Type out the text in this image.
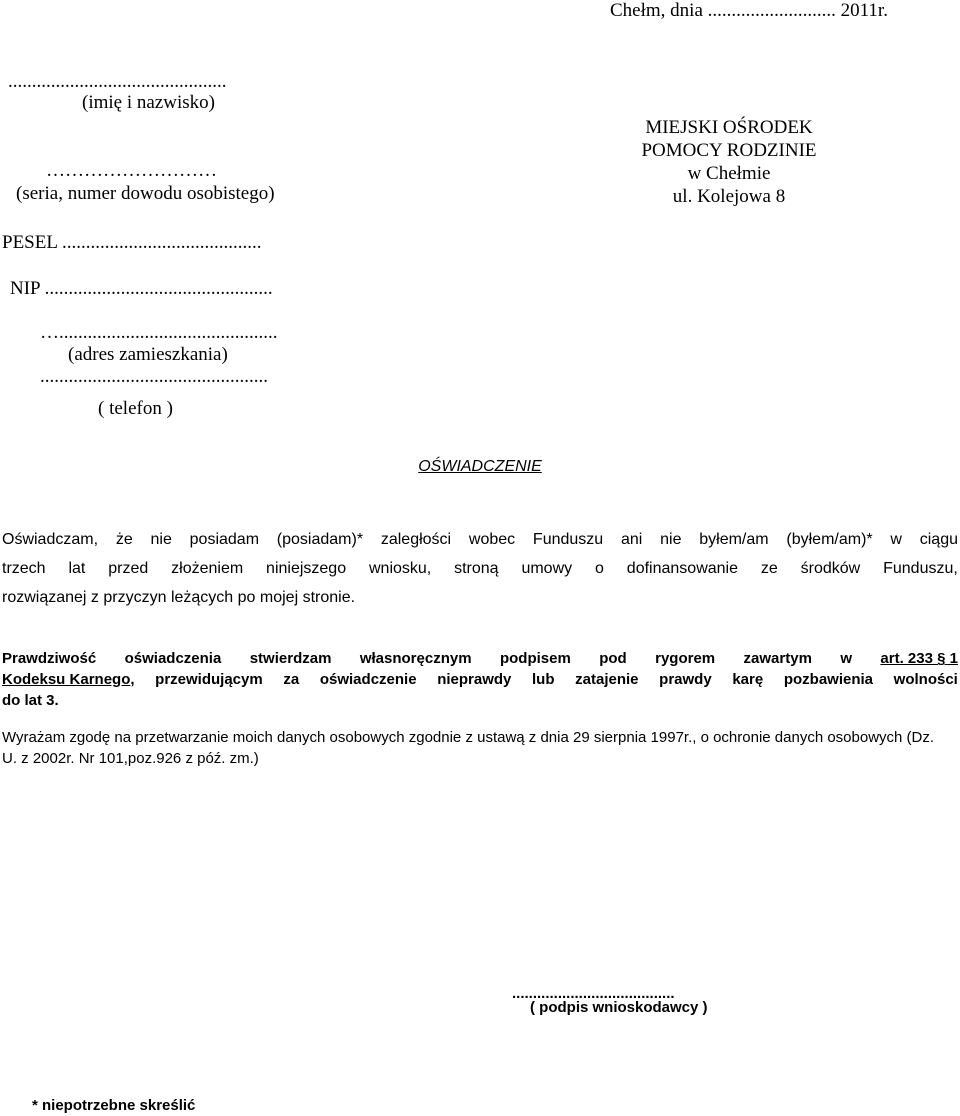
Chełm, dnia ........................... 2011r.
..............................................
(imię i nazwisko)
………………………
(seria, numer dowodu osobistego)
PESEL ..........................................
NIP ................................................
…..............................................
(adres zamieszkania)
................................................
( telefon )
MIEJSKI OŚRODEK
POMOCY RODZINIE
w Chełmie
ul. Kolejowa 8
OŚWIADCZENIE
Oświadczam, że nie posiadam (posiadam)* zaległości wobec Funduszu ani nie byłem/am (byłem/am)* w ciągu
trzech lat przed złożeniem niniejszego wniosku, stroną umowy o dofinansowanie ze środków Funduszu,
rozwiązanej z przyczyn leżących po mojej stronie.
Prawdziwość oświadczenia stwierdzam własnoręcznym podpisem pod rygorem zawartym w art. 233 § 1
Kodeksu Karnego, przewidującym za oświadczenie nieprawdy lub zatajenie prawdy karę pozbawienia wolności
do lat 3.
Wyrażam zgodę na przetwarzanie moich danych osobowych zgodnie z ustawą z dnia 29 sierpnia 1997r., o ochronie danych osobowych (Dz. U. z 2002r. Nr 101,poz.926 z póź. zm.)
.......................................
( podpis wnioskodawcy )
* niepotrzebne skreślić
